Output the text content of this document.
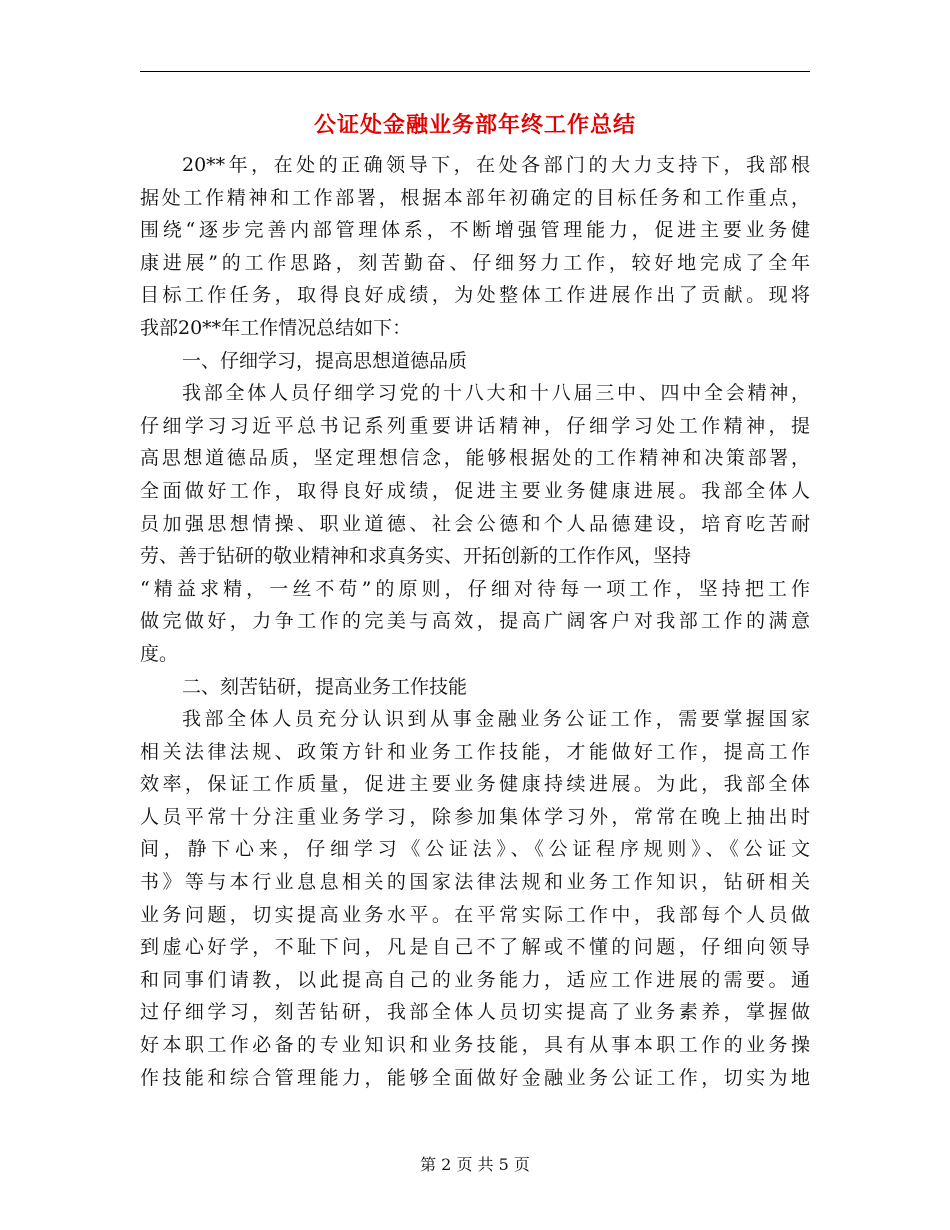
公证处金融业务部年终工作总结
20**年，在处的正确领导下，在处各部门的大力支持下，我部根
据处工作精神和工作部署，根据本部年初确定的目标任务和工作重点，
围绕“逐步完善内部管理体系，不断增强管理能力，促进主要业务健
康进展”的工作思路，刻苦勤奋、仔细努力工作，较好地完成了全年
目标工作任务，取得良好成绩，为处整体工作进展作出了贡献。现将
我部20**年工作情况总结如下：
一、仔细学习，提高思想道德品质
我部全体人员仔细学习党的十八大和十八届三中、四中全会精神，
仔细学习习近平总书记系列重要讲话精神，仔细学习处工作精神，提
高思想道德品质，坚定理想信念，能够根据处的工作精神和决策部署，
全面做好工作，取得良好成绩，促进主要业务健康进展。我部全体人
员加强思想情操、职业道德、社会公德和个人品德建设，培育吃苦耐
劳、善于钻研的敬业精神和求真务实、开拓创新的工作作风，坚持
“精益求精，一丝不苟”的原则，仔细对待每一项工作，坚持把工作
做完做好，力争工作的完美与高效，提高广阔客户对我部工作的满意
度。
二、刻苦钻研，提高业务工作技能
我部全体人员充分认识到从事金融业务公证工作，需要掌握国家
相关法律法规、政策方针和业务工作技能，才能做好工作，提高工作
效率，保证工作质量，促进主要业务健康持续进展。为此，我部全体
人员平常十分注重业务学习，除参加集体学习外，常常在晚上抽出时
间，静下心来，仔细学习《公证法》、《公证程序规则》、《公证文
书》等与本行业息息相关的国家法律法规和业务工作知识，钻研相关
业务问题，切实提高业务水平。在平常实际工作中，我部每个人员做
到虚心好学，不耻下问，凡是自己不了解或不懂的问题，仔细向领导
和同事们请教，以此提高自己的业务能力，适应工作进展的需要。通
过仔细学习，刻苦钻研，我部全体人员切实提高了业务素养，掌握做
好本职工作必备的专业知识和业务技能，具有从事本职工作的业务操
作技能和综合管理能力，能够全面做好金融业务公证工作，切实为地
第 2 页 共 5 页
